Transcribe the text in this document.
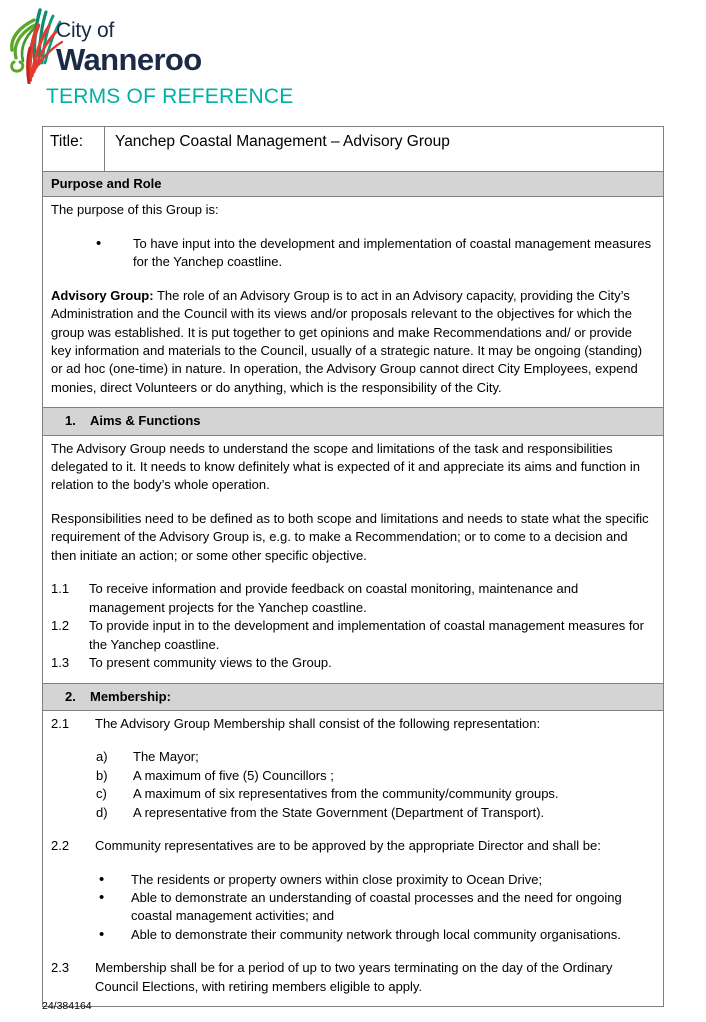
City of
Wanneroo
TERMS OF REFERENCE
Title:	Yanchep Coastal Management – Advisory Group
Purpose and Role

The purpose of this Group is:

• To have input into the development and implementation of coastal management measures for the Yanchep coastline.

Advisory Group: The role of an Advisory Group is to act in an Advisory capacity, providing the City’s Administration and the Council with its views and/or proposals relevant to the objectives for which the group was established. It is put together to get opinions and make Recommendations and/ or provide key information and materials to the Council, usually of a strategic nature. It may be ongoing (standing) or ad hoc (one-time) in nature. In operation, the Advisory Group cannot direct City Employees, expend monies, direct Volunteers or do anything, which is the responsibility of the City.

1. Aims & Functions

The Advisory Group needs to understand the scope and limitations of the task and responsibilities delegated to it. It needs to know definitely what is expected of it and appreciate its aims and function in relation to the body’s whole operation.

Responsibilities need to be defined as to both scope and limitations and needs to state what the specific requirement of the Advisory Group is, e.g. to make a Recommendation; or to come to a decision and then initiate an action; or some other specific objective.

1.1	To receive information and provide feedback on coastal monitoring, maintenance and management projects for the Yanchep coastline.
1.2	To provide input in to the development and implementation of coastal management measures for the Yanchep coastline.
1.3	To present community views to the Group.
2. Membership:
2.1	The Advisory Group Membership shall consist of the following representation:
a)	The Mayor;
b)	A maximum of five (5) Councillors ;
c)	A maximum of six representatives from the community/community groups.
d)	A representative from the State Government (Department of Transport).
2.2	Community representatives are to be approved by the appropriate Director and shall be:
• The residents or property owners within close proximity to Ocean Drive;
• Able to demonstrate an understanding of coastal processes and the need for ongoing coastal management activities; and
• Able to demonstrate their community network through local community organisations.
2.3	Membership shall be for a period of up to two years terminating on the day of the Ordinary Council Elections, with retiring members eligible to apply.
24/384164
